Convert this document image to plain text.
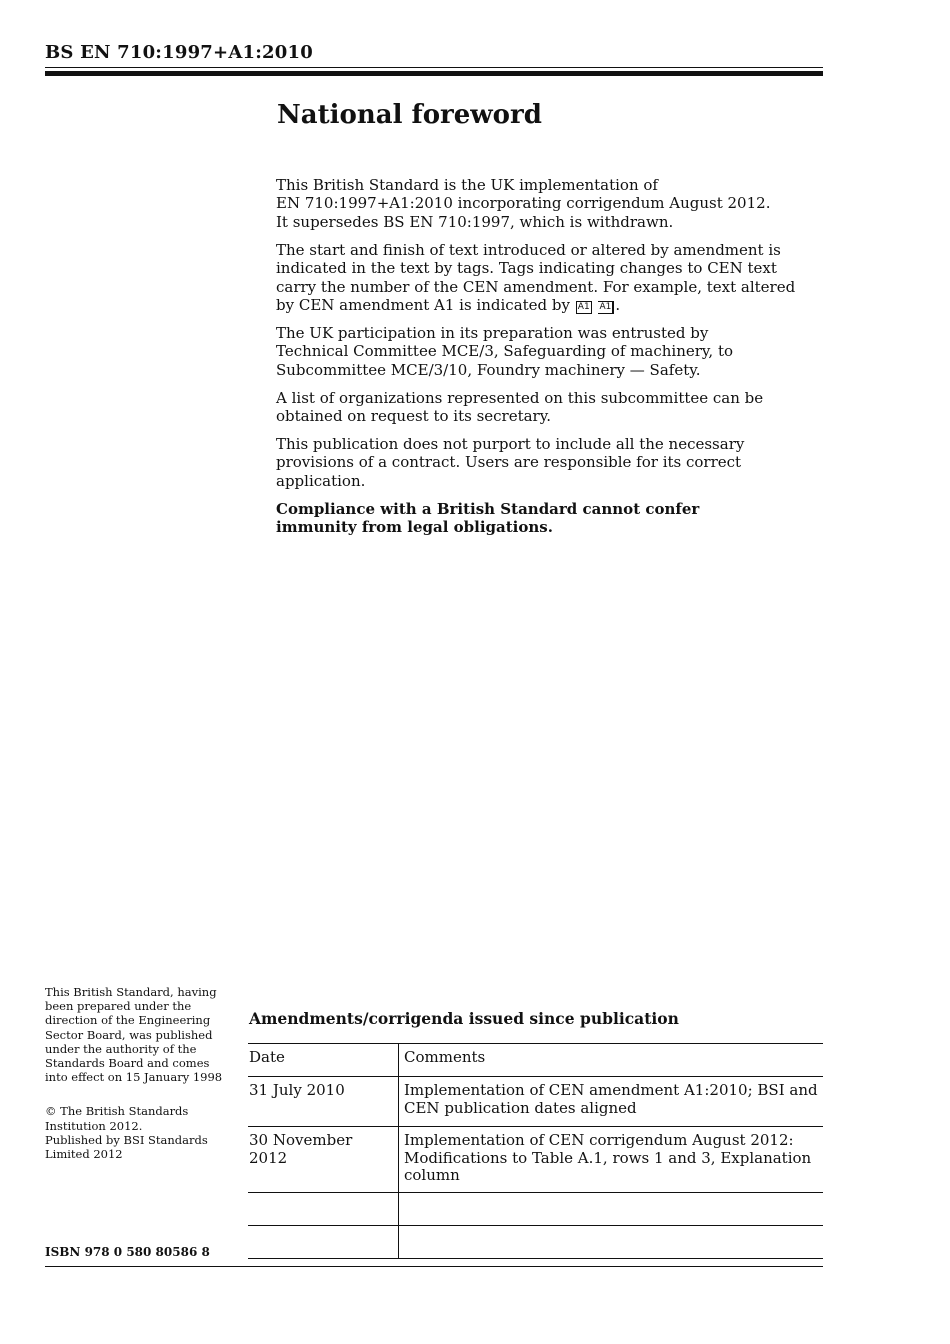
BS EN 710:1997+A1:2010
National foreword

This British Standard is the UK implementation of
EN 710:1997+A1:2010 incorporating corrigendum August 2012.
It supersedes BS EN 710:1997, which is withdrawn.

The start and finish of text introduced or altered by amendment is
indicated in the text by tags. Tags indicating changes to CEN text
carry the number of the CEN amendment. For example, text altered
by CEN amendment A1 is indicated by A1 A1 .

The UK participation in its preparation was entrusted by
Technical Committee MCE/3, Safeguarding of machinery, to
Subcommittee MCE/3/10, Foundry machinery — Safety.

A list of organizations represented on this subcommittee can be
obtained on request to its secretary.

This publication does not purport to include all the necessary
provisions of a contract. Users are responsible for its correct
application.

Compliance with a British Standard cannot confer
immunity from legal obligations.

This British Standard, having
been prepared under the
direction of the Engineering
Sector Board, was published
under the authority of the
Standards Board and comes
into effect on 15 January 1998
© The British Standards
Institution 2012.
Published by BSI Standards
Limited 2012
ISBN 978 0 580 80586 8
Amendments/corrigenda issued since publication
Date	Comments
31 July 2010	Implementation of CEN amendment A1:2010; BSI and
CEN publication dates aligned

30 November 2012	Implementation of CEN corrigendum August 2012:
Modifications to Table A.1, rows 1 and 3, Explanation
column
